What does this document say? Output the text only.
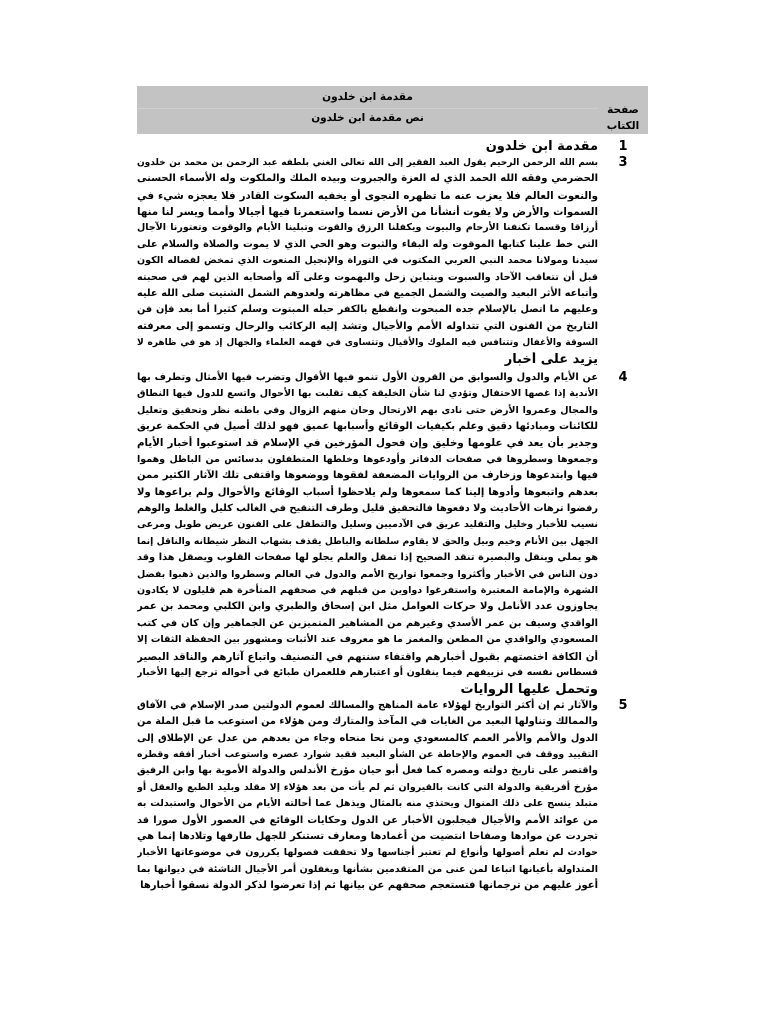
مقدمة ابن خلدون
نص مقدمة ابن خلدون
صفحة
الكتاب
1
مقدمة ابن خلدون
3
بسم الله الرحمن الرحيم يقول العبد الفقير إلى الله تعالى الغني بلطفه عبد الرحمن بن محمد بن خلدون
الحضرمي وفقه الله الحمد الذي له العزة والجبروت وبيده الملك والملكوت وله الأسماء الحسنى
والنعوت العالم فلا يعزب عنه ما تظهره النجوى أو يخفيه السكوت القادر فلا يعجزه شيء في
السموات والأرض ولا يفوت أنشأنا من الأرض نسما واستعمرنا فيها أجيالا وأمما ويسر لنا منها
أرزاقا وقسما تكنفنا الأرحام والبيوت ويكفلنا الرزق والقوت وتبلينا الأيام والوقوت وتعتورنا الآجال
التي خط علينا كتابها الموقوت وله البقاء والثبوت وهو الحي الذي لا يموت والصلاة والسلام على
سيدنا ومولانا محمد النبي العربي المكتوب في التوراة والإنجيل المنعوت الذي تمخض لفصاله الكون
قبل أن تتعاقب الآحاد والسبوت ويتباين زحل والبهموت وعلى آله وأصحابه الذين لهم في صحبته
وأتباعه الأثر البعيد والصيت والشمل الجميع في مظاهرته ولعدوهم الشمل الشتيت صلى الله عليه
وعليهم ما اتصل بالإسلام جده المبحوت وانقطع بالكفر حبله المبتوت وسلم كثيرا أما بعد فإن فن
التاريخ من الفنون التي تتداوله الأمم والأجيال وتشد إليه الركائب والرحال وتسمو إلى معرفته
السوقة والأغفال وتتنافس فيه الملوك والأقيال وتتساوى في فهمه العلماء والجهال إذ هو في ظاهره لا
يزيد على أخبار
4
عن الأيام والدول والسوابق من القرون الأول تنمو فيها الأقوال وتضرب فيها الأمثال وتطرف بها
الأندية إذا غصها الاحتفال وتؤدي لنا شأن الخليقة كيف تقلبت بها الأحوال واتسع للدول فيها النطاق
والمجال وعمروا الأرض حتى نادى بهم الارتحال وحان منهم الزوال وفي باطنه نظر وتحقيق وتعليل
للكائنات ومبادئها دقيق وعلم بكيفيات الوقائع وأسبابها عميق فهو لذلك أصيل في الحكمة عريق
وجدير بأن يعد في علومها وخليق وإن فحول المؤرخين في الإسلام قد استوعبوا أخبار الأيام
وجمعوها وسطروها في صفحات الدفاتر وأودعوها وخلطها المتطفلون بدسائس من الباطل وهموا
فيها وابتدعوها وزخارف من الروايات المضعفة لفقوها ووضعوها واقتفى تلك الآثار الكثير ممن
بعدهم واتبعوها وأدوها إلينا كما سمعوها ولم يلاحظوا أسباب الوقائع والأحوال ولم يراعوها ولا
رفضوا ترهات الأحاديث ولا دفعوها فالتحقيق قليل وطرف التنقيح في الغالب كليل والغلط والوهم
نسيب للأخبار وخليل والتقليد عريق في الآدميين وسليل والتطفل على الفنون عريض طويل ومرعى
الجهل بين الأنام وخيم وبيل والحق لا يقاوم سلطانه والباطل يقذف بشهاب النظر شيطانه والناقل إنما
هو يملي وينقل والبصيرة تنقد الصحيح إذا تمقل والعلم يجلو لها صفحات القلوب ويصقل هذا وقد
دون الناس في الأخبار وأكثروا وجمعوا تواريخ الأمم والدول في العالم وسطروا والذين ذهبوا بفضل
الشهرة والإمامة المعتبرة واستفرغوا دواوين من قبلهم في صحفهم المتأخرة هم قليلون لا يكادون
يجاوزون عدد الأنامل ولا حركات العوامل مثل ابن إسحاق والطبري وابن الكلبي ومحمد بن عمر
الواقدي وسيف بن عمر الأسدي وغيرهم من المشاهير المتميزين عن الجماهير وإن كان في كتب
المسعودي والواقدي من المطعن والمغمز ما هو معروف عند الأثبات ومشهور بين الحفظة الثقات إلا
أن الكافة اختصتهم بقبول أخبارهم واقتفاء سننهم في التصنيف واتباع آثارهم والناقد البصير
قسطاس نفسه في تزييفهم فيما ينقلون أو اعتبارهم فللعمران طبائع في أحواله ترجع إليها الأخبار
وتحمل عليها الروايات
5
والآثار ثم إن أكثر التواريخ لهؤلاء عامة المناهج والمسالك لعموم الدولتين صدر الإسلام في الآفاق
والممالك وتناولها البعيد من الغايات في المآخذ والمتارك ومن هؤلاء من استوعب ما قبل الملة من
الدول والأمم والأمر العمم كالمسعودي ومن نحا منحاه وجاء من بعدهم من عدل عن الإطلاق إلى
التقييد ووقف في العموم والإحاطة عن الشأو البعيد فقيد شوارد عصره واستوعب أخبار أفقه وقطره
واقتصر على تاريخ دولته ومصره كما فعل أبو حيان مؤرخ الأندلس والدولة الأموية بها وابن الرفيق
مؤرخ أفريقية والدولة التي كانت بالقيروان ثم لم يأت من بعد هؤلاء إلا مقلد وبليد الطبع والعقل أو
متبلد ينسج على ذلك المنوال ويحتذي منه بالمثال ويذهل عما أحالته الأيام من الأحوال واستبدلت به
من عوائد الأمم والأجيال فيجلبون الأخبار عن الدول وحكايات الوقائع في العصور الأول صورا قد
تجردت عن موادها وصفاحا انتضيت من أغمادها ومعارف تستنكر للجهل طارفها وتلادها إنما هي
حوادث لم تعلم أصولها وأنواع لم تعتبر أجناسها ولا تحققت فصولها يكررون في موضوعاتها الأخبار
المتداولة بأعيانها اتباعا لمن عنى من المتقدمين بشأنها ويغفلون أمر الأجيال الناشئة في ديوانها بما
أعوز عليهم من ترجمانها فتستعجم صحفهم عن بيانها ثم إذا تعرضوا لذكر الدولة نسقوا أخبارها
